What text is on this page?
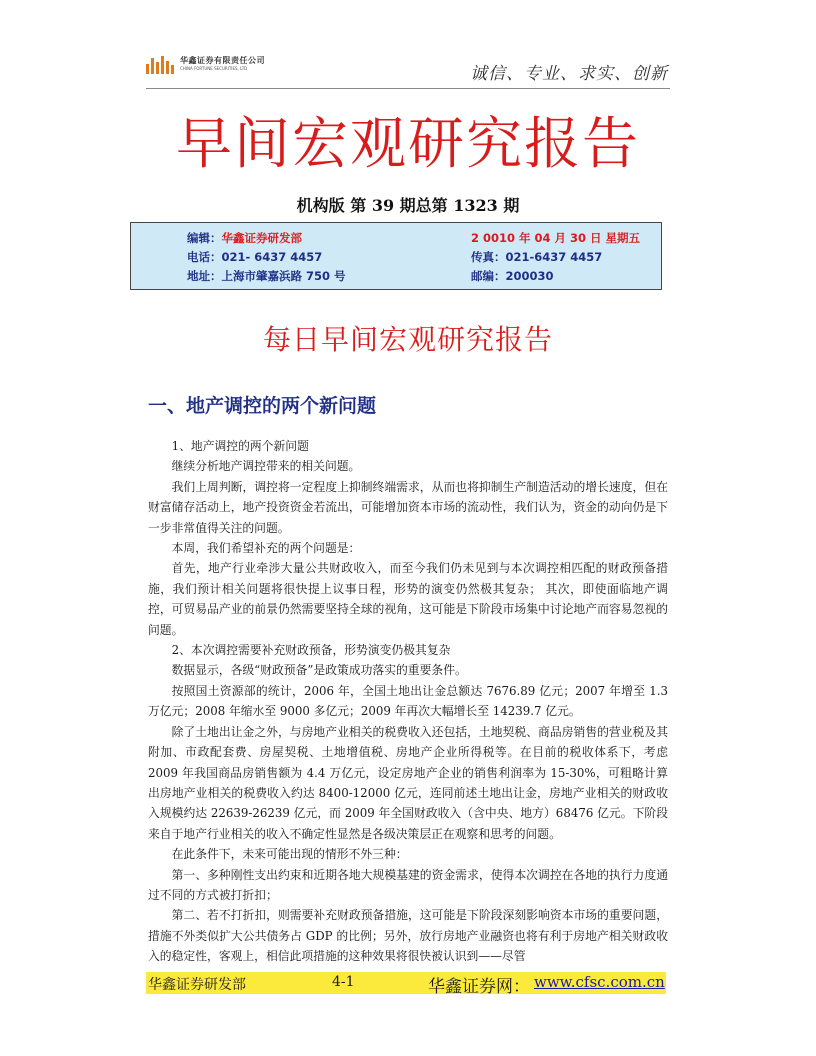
华鑫证券有限责任公司
CHINA FORTUNE SECURITIES, LTD	诚信、专业、求实、创新
早间宏观研究报告
机构版 第 39 期总第 1323 期
编辑：华鑫证券研发部	2 0010 年 04 月 30 日 星期五
电话：021- 6437 4457	传真：021-6437 4457
地址：上海市肇嘉浜路 750 号	邮编：200030
每日早间宏观研究报告
一、地产调控的两个新问题

1、地产调控的两个新问题

继续分析地产调控带来的相关问题。

我们上周判断，调控将一定程度上抑制终端需求，从而也将抑制生产制造活动的增长速度，但在财富储存活动上，地产投资资金若流出，可能增加资本市场的流动性，我们认为，资金的动向仍是下一步非常值得关注的问题。

本周，我们希望补充的两个问题是：

首先，地产行业牵涉大量公共财政收入，而至今我们仍未见到与本次调控相匹配的财政预备措施，我们预计相关问题将很快提上议事日程，形势的演变仍然极其复杂； 其次，即使面临地产调控，可贸易品产业的前景仍然需要坚持全球的视角，这可能是下阶段市场集中讨论地产而容易忽视的问题。

2、本次调控需要补充财政预备，形势演变仍极其复杂

数据显示，各级“财政预备”是政策成功落实的重要条件。

按照国土资源部的统计，2006 年，全国土地出让金总额达 7676.89 亿元；2007 年增至 1.3 万亿元；2008 年缩水至 9000 多亿元；2009 年再次大幅增长至 14239.7 亿元。

除了土地出让金之外，与房地产业相关的税费收入还包括，土地契税、商品房销售的营业税及其附加、市政配套费、房屋契税、土地增值税、房地产企业所得税等。在目前的税收体系下，考虑 2009 年我国商品房销售额为 4.4 万亿元，设定房地产企业的销售利润率为 15-30%，可粗略计算出房地产业相关的税费收入约达 8400-12000 亿元，连同前述土地出让金，房地产业相关的财政收入规模约达 22639-26239 亿元，而 2009 年全国财政收入（含中央、地方）68476 亿元。下阶段来自于地产行业相关的收入不确定性显然是各级决策层正在观察和思考的问题。

在此条件下，未来可能出现的情形不外三种：

第一、多种刚性支出约束和近期各地大规模基建的资金需求，使得本次调控在各地的执行力度通过不同的方式被打折扣；

第二、若不打折扣，则需要补充财政预备措施，这可能是下阶段深刻影响资本市场的重要问题，措施不外类似扩大公共债务占 GDP 的比例；另外，放行房地产业融资也将有利于房地产相关财政收入的稳定性，客观上，相信此项措施的这种效果将很快被认识到——尽管

华鑫证券研发部	4-1	华鑫证券网： www.cfsc.com.cn
